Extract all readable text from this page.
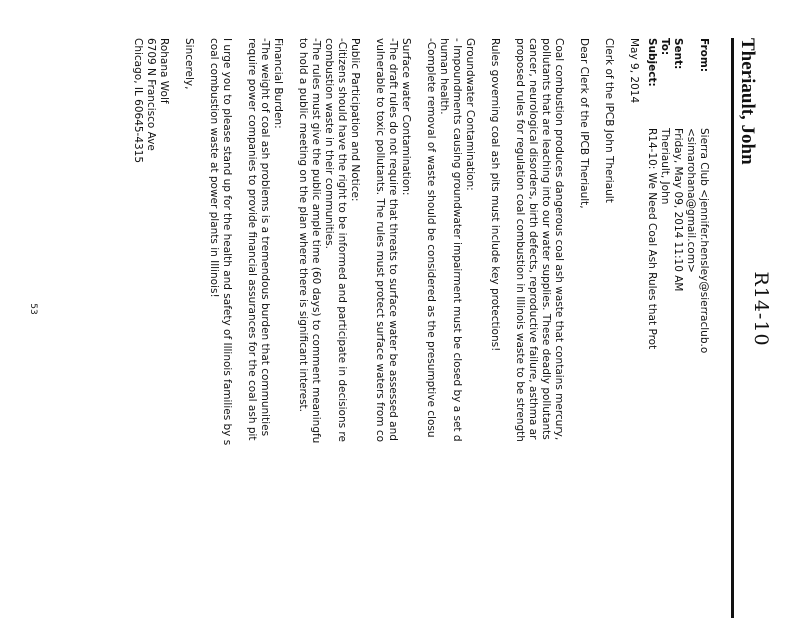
R14-10
Theriault, John
From:
Sierra Club <jennifer.hensley@sierraclub.o
<simarohana@gmail.com>
Sent:
Friday, May 09, 2014 11:10 AM
To:
Theriault, John
Subject:
R14-10: We Need Coal Ash Rules that Prot
May 9, 2014
Clerk of the IPCB John Theriault
Dear Clerk of the IPCB Theriault,
Coal combustion produces dangerous coal ash waste that contains mercury,
pollutants that are leaching into our water supplies. These deadly pollutants
cancer, neurological disorders, birth defects, reproductive failure, asthma ar
proposed rules for regulation coal combustion in Illinois waste to be strength
Rules governing coal ash pits must include key protections!
Groundwater Contamination:
- Impoundments causing groundwater impairment must be closed by a set d
human health.
-Complete removal of waste should be considered as the presumptive closu
Surface water Contamination:
-The draft rules do not require that threats to surface water be assessed and
vulnerable to toxic pollutants. The rules must protect surface waters from co
Public Participation and Notice:
-Citizens should have the right to be informed and participate in decisions re
combustion waste in their communities.
-The rules must give the public ample time (60 days) to comment meaningfu
to hold a public meeting on the plan where there is significant interest.
Financial Burden:
-The weight of coal ash problems is a tremendous burden that communities
require power companies to provide financial assurances for the coal ash pit
I urge you to please stand up for the health and safety of Illinois families by s
coal combustion waste at power plants in Illinois!
Sincerely,
Rohana Wolf
6709 N Francisco Ave
Chicago, IL 60645-4315
53
